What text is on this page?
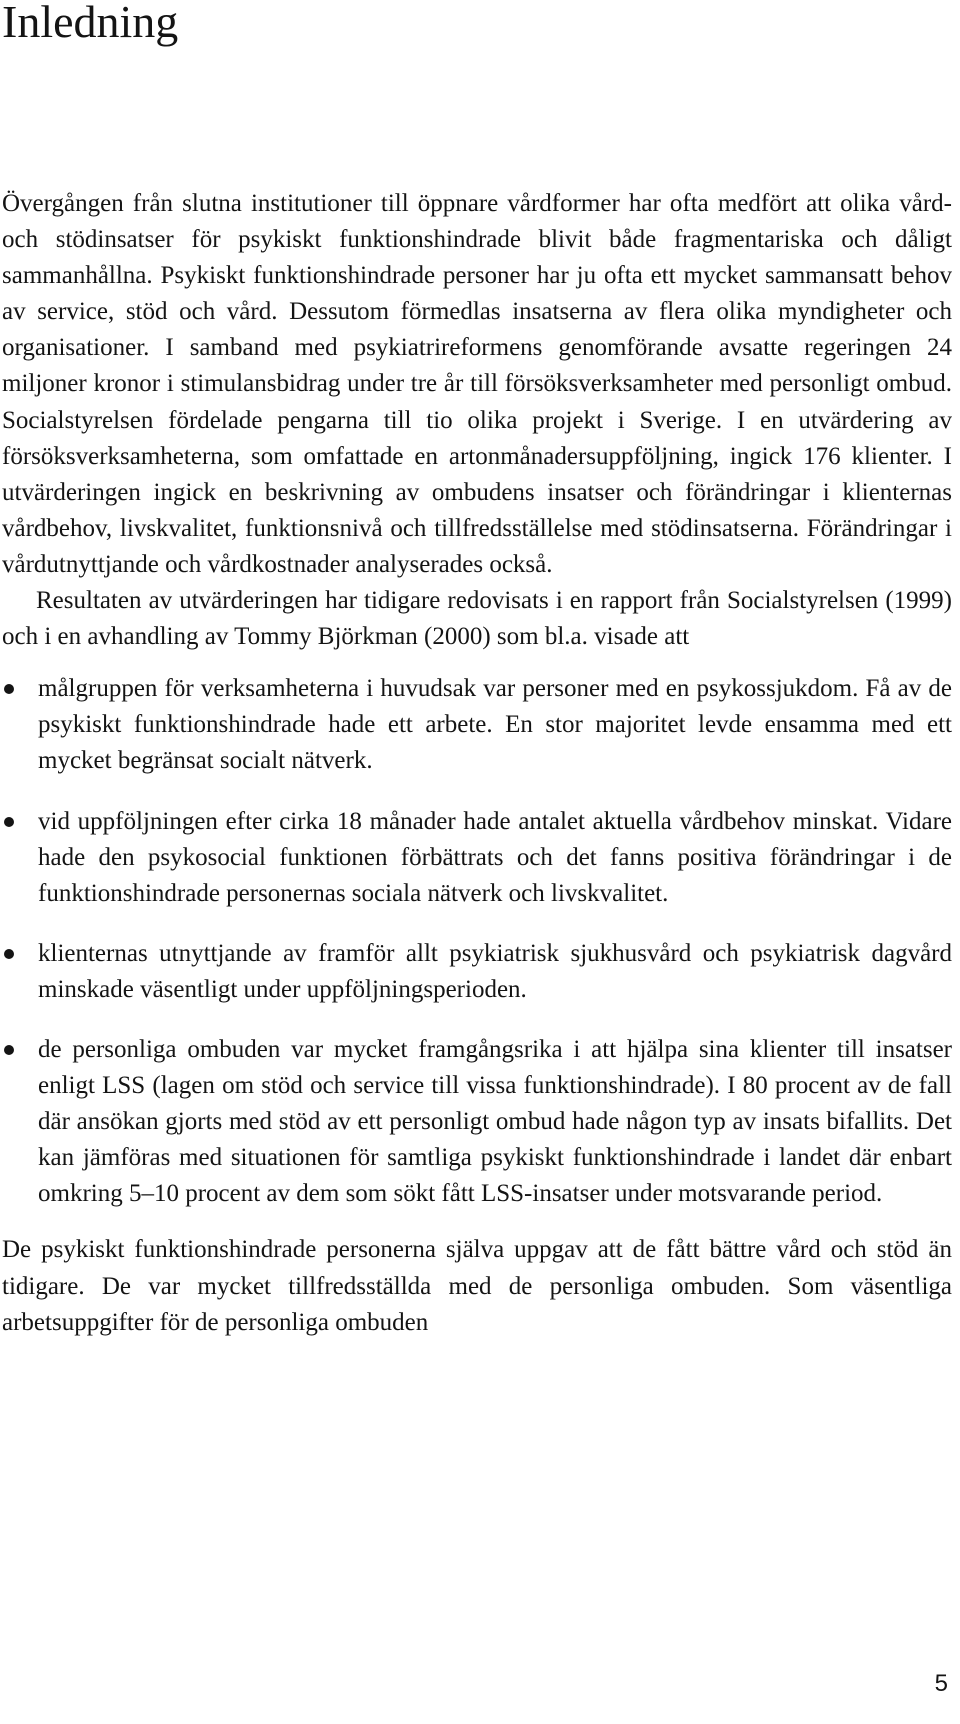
Inledning

Övergången från slutna institutioner till öppnare vårdformer har ofta medfört att olika vård- och stödinsatser för psykiskt funktionshindrade blivit både fragmentariska och dåligt sammanhållna. Psykiskt funktionshindrade personer har ju ofta ett mycket sammansatt behov av service, stöd och vård. Dessutom förmedlas insatserna av flera olika myndigheter och organisationer. I samband med psykiatrireformens genomförande avsatte regeringen 24 miljoner kronor i stimulansbidrag under tre år till försöksverksamheter med personligt ombud. Socialstyrelsen fördelade pengarna till tio olika projekt i Sverige. I en utvärdering av försöksverksamheterna, som omfattade en artonmånadersuppföljning, ingick 176 klienter. I utvärderingen ingick en beskrivning av ombudens insatser och förändringar i klienternas vårdbehov, livskvalitet, funktionsnivå och tillfredsställelse med stödinsatserna. Förändringar i vårdutnyttjande och vårdkostnader analyserades också.

Resultaten av utvärderingen har tidigare redovisats i en rapport från Socialstyrelsen (1999) och i en avhandling av Tommy Björkman (2000) som bl.a. visade att

målgruppen för verksamheterna i huvudsak var personer med en psykossjukdom. Få av de psykiskt funktionshindrade hade ett arbete. En stor majoritet levde ensamma med ett mycket begränsat socialt nätverk.
vid uppföljningen efter cirka 18 månader hade antalet aktuella vårdbehov minskat. Vidare hade den psykosocial funktionen förbättrats och det fanns positiva förändringar i de funktionshindrade personernas sociala nätverk och livskvalitet.
klienternas utnyttjande av framför allt psykiatrisk sjukhusvård och psykiatrisk dagvård minskade väsentligt under uppföljningsperioden.
de personliga ombuden var mycket framgångsrika i att hjälpa sina klienter till insatser enligt LSS (lagen om stöd och service till vissa funktionshindrade). I 80 procent av de fall där ansökan gjorts med stöd av ett personligt ombud hade någon typ av insats bifallits. Det kan jämföras med situationen för samtliga psykiskt funktionshindrade i landet där enbart omkring 5–10 procent av dem som sökt fått LSS-insatser under motsvarande period.

De psykiskt funktionshindrade personerna själva uppgav att de fått bättre vård och stöd än tidigare. De var mycket tillfredsställda med de personliga ombuden. Som väsentliga arbetsuppgifter för de personliga ombuden

5
